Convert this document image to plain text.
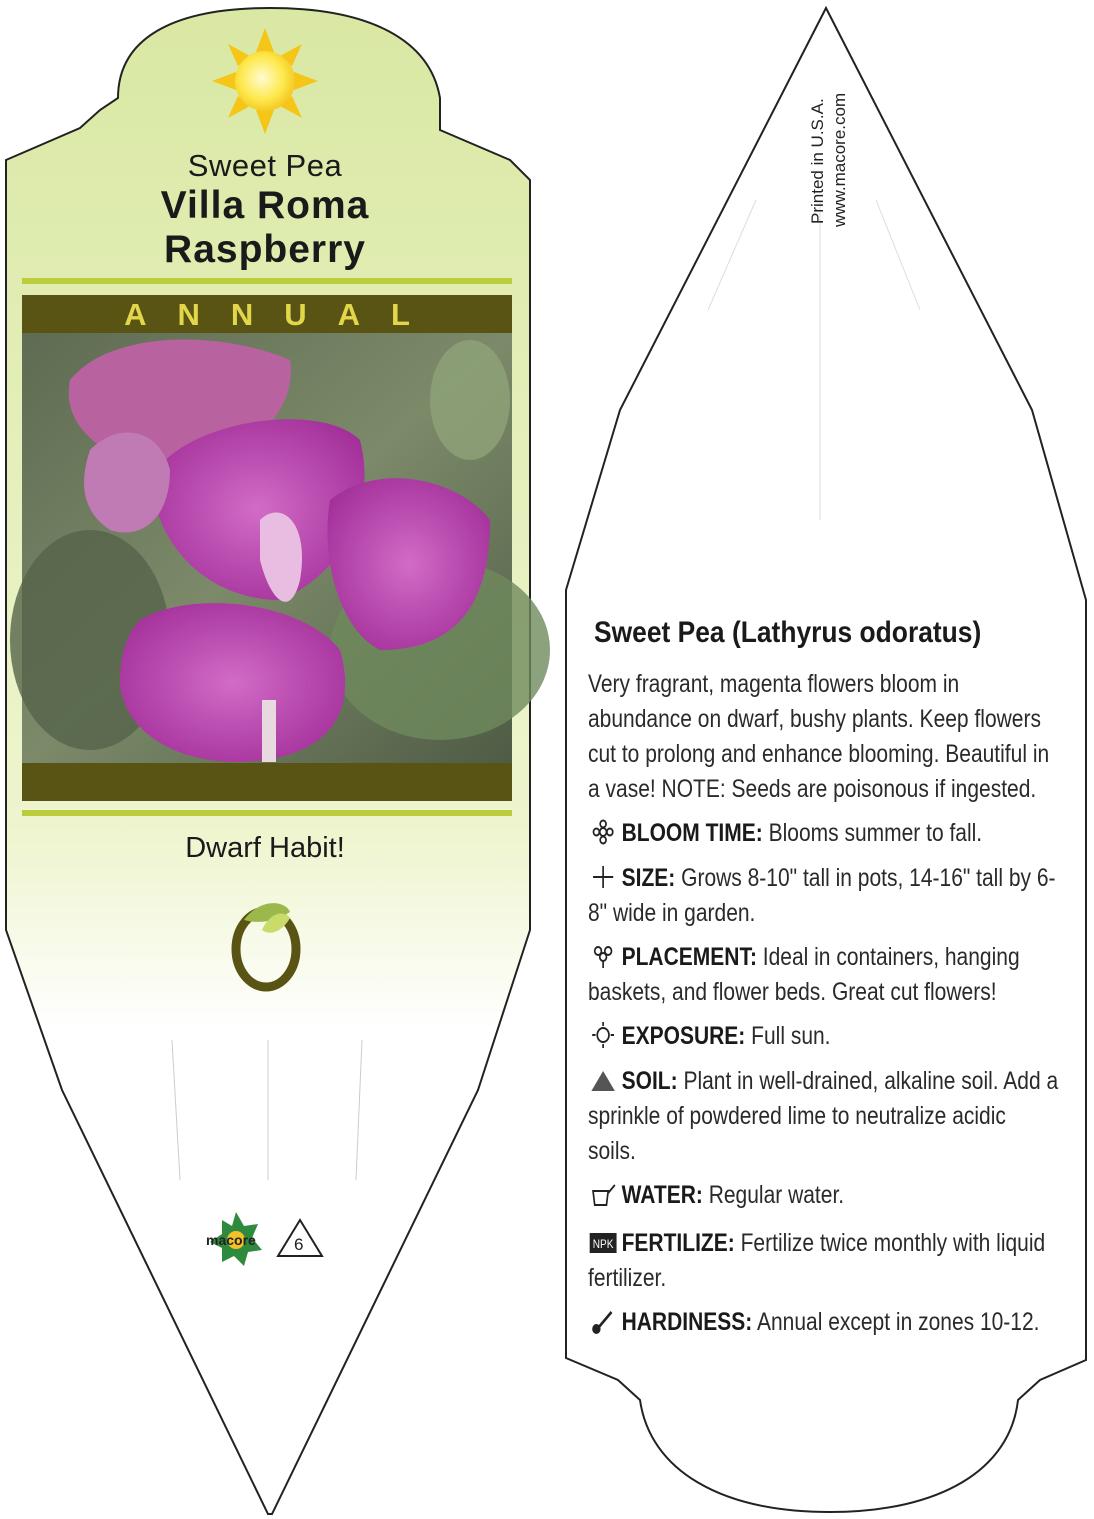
Sweet Pea
Villa Roma
Raspberry
ANNUAL
Dwarf Habit!
macore 6
Printed in U.S.A. www.macore.com
Sweet Pea (Lathyrus odoratus)
Very fragrant, magenta flowers bloom in abundance on dwarf, bushy plants. Keep flowers cut to prolong and enhance blooming. Beautiful in a vase! NOTE: Seeds are poisonous if ingested.
BLOOM TIME: Blooms summer to fall.
SIZE: Grows 8-10" tall in pots, 14-16" tall by 6-8" wide in garden.
PLACEMENT: Ideal in containers, hanging baskets, and flower beds. Great cut flowers!
EXPOSURE: Full sun.
SOIL: Plant in well-drained, alkaline soil. Add a sprinkle of powdered lime to neutralize acidic soils.
WATER: Regular water.
NPK FERTILIZE: Fertilize twice monthly with liquid fertilizer.
HARDINESS: Annual except in zones 10-12.
